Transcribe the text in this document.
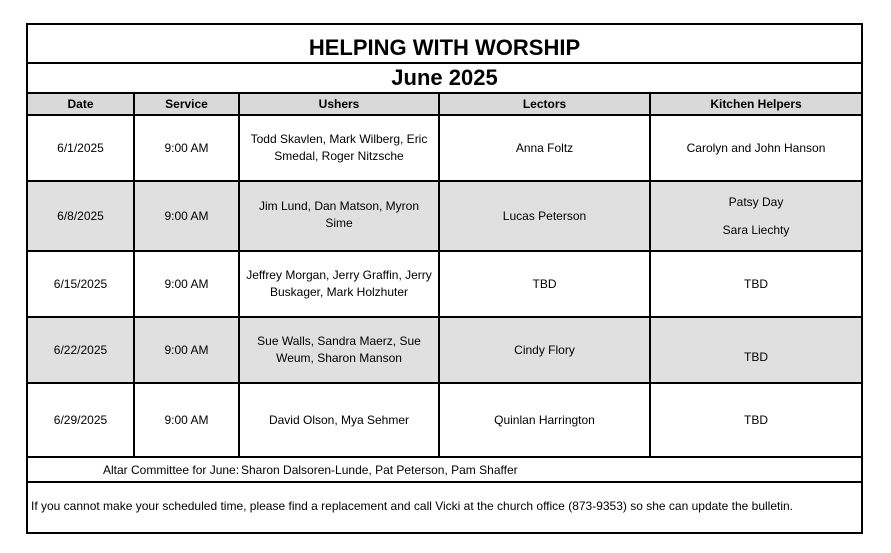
HELPING WITH WORSHIP
June 2025
Date	Service	Ushers	Lectors	Kitchen Helpers
6/1/2025	9:00 AM	Todd Skavlen, Mark Wilberg, Eric Smedal, Roger Nitzsche	Anna Foltz	Carolyn and John Hanson

6/8/2025	9:00 AM	Jim Lund, Dan Matson, Myron Sime	Lucas Peterson	Patsy Day
Sara Liechty

6/15/2025	9:00 AM	Jeffrey Morgan, Jerry Graffin, Jerry Buskager, Mark Holzhuter	TBD	TBD

6/22/2025	9:00 AM	Sue Walls, Sandra Maerz, Sue Weum, Sharon Manson	Cindy Flory	TBD

6/29/2025	9:00 AM	David Olson, Mya Sehmer	Quinlan Harrington	TBD
Altar Committee for June: Sharon Dalsoren-Lunde, Pat Peterson, Pam Shaffer
If you cannot make your scheduled time, please find a replacement and call Vicki at the church office (873-9353) so she can update the bulletin.
